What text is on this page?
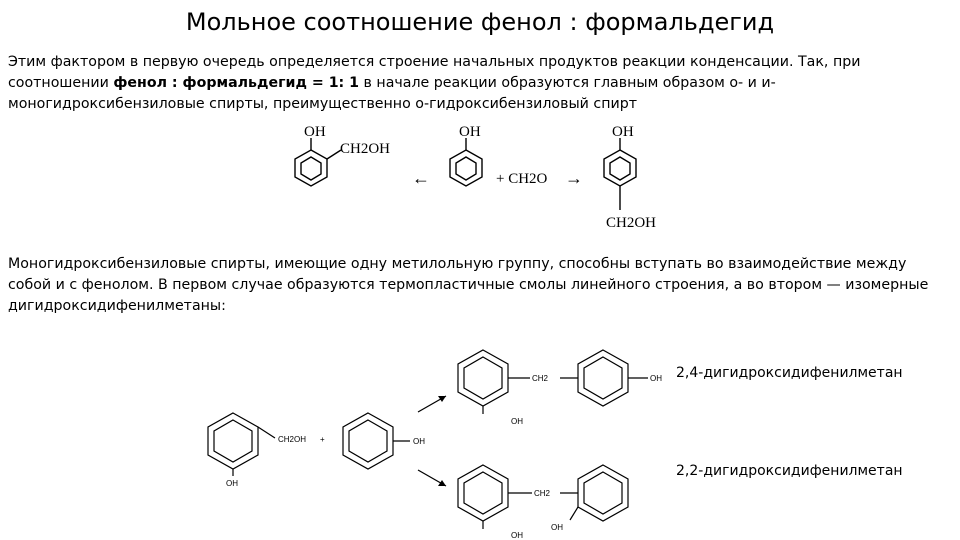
Мольное соотношение фенол : формальдегид
Этим фактором в первую очередь определяется строение начальных продуктов реакции конденсации. Так, при соотношении фенол : формальдегид = 1: 1 в начале реакции образуются главным образом о- и и-моногидроксибензиловые спирты, преимущественно о-гидроксибензиловый спирт
Моногидроксибензиловые спирты, имеющие одну метилольную группу, способны вступать во взаимодействие между собой и с фенолом. В первом случае образуются термопластичные смолы линейного строения, а во втором — изомерные дигидроксидифенилметаны:
OH
CH2OH
OH	OH
CH2OH
←	+ CH2O →
OH
CH2OH +	OH
CH2	OH
OH
CH2
OH
OH
2,4-дигидроксидифенилметан
2,2-дигидроксидифенилметан
